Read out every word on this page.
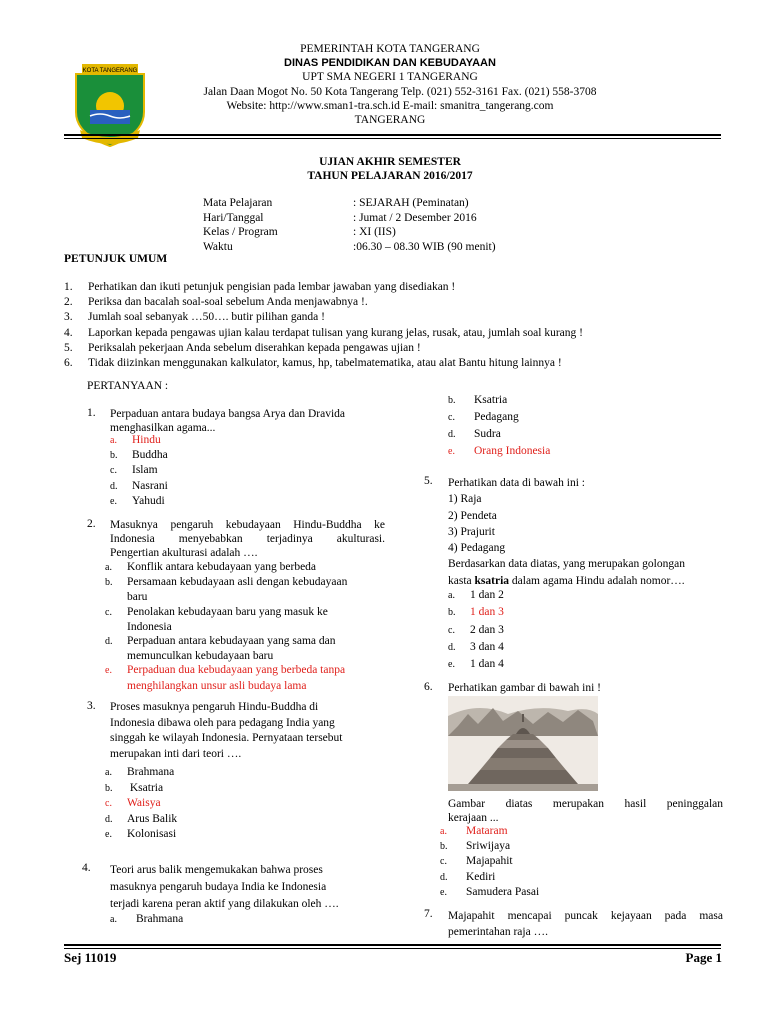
KOTA TANGERANG
PEMERINTAH KOTA TANGERANG
DINAS PENDIDIKAN DAN KEBUDAYAAN
UPT SMA NEGERI 1 TANGERANG
Jalan Daan Mogot No. 50 Kota Tangerang Telp. (021) 552-3161 Fax. (021) 558-3708
Website: http://www.sman1-tra.sch.id E-mail: smanitra_tangerang.com
TANGERANG
UJIAN AKHIR SEMESTER
TAHUN PELAJARAN 2016/2017
Mata Pelajaran	: SEJARAH (Peminatan)
Hari/Tanggal	: Jumat / 2 Desember 2016
Kelas / Program	: XI (IIS)
Waktu	:06.30 – 08.30 WIB (90 menit)
PETUNJUK UMUM
1. Perhatikan dan ikuti petunjuk pengisian pada lembar jawaban yang disediakan !
2. Periksa dan bacalah soal-soal sebelum Anda menjawabnya !.
3. Jumlah soal sebanyak …50…. butir pilihan ganda !
4. Laporkan kepada pengawas ujian kalau terdapat tulisan yang kurang jelas, rusak, atau, jumlah soal kurang !
5. Periksalah pekerjaan Anda sebelum diserahkan kepada pengawas ujian !
6. Tidak diizinkan menggunakan kalkulator, kamus, hp, tabelmatematika, atau alat Bantu hitung lainnya !
PERTANYAAN :
1. Perpaduan antara budaya bangsa Arya dan Dravida
menghasilkan agama...
a. Hindu
b. Buddha
c. Islam
d. Nasrani
e. Yahudi
2. Masuknya pengaruh kebudayaan Hindu-Buddha ke
Indonesia menyebabkan terjadinya akulturasi.
Pengertian akulturasi adalah ….
a. Konflik antara kebudayaan yang berbeda
b. Persamaan kebudayaan asli dengan kebudayaan
baru
c. Penolakan kebudayaan baru yang masuk ke
Indonesia
d. Perpaduan antara kebudayaan yang sama dan
memunculkan kebudayaan baru
e. Perpaduan dua kebudayaan yang berbeda tanpa
menghilangkan unsur asli budaya lama
3. Proses masuknya pengaruh Hindu-Buddha di
Indonesia dibawa oleh para pedagang India yang
singgah ke wilayah Indonesia. Pernyataan tersebut
merupakan inti dari teori ….
a. Brahmana
b. Ksatria
c. Waisya
d. Arus Balik
e. Kolonisasi
4. Teori arus balik mengemukakan bahwa proses
masuknya pengaruh budaya India ke Indonesia
terjadi karena peran aktif yang dilakukan oleh ….
a. Brahmana
b. Ksatria
c. Pedagang
d. Sudra
e. Orang Indonesia
5. Perhatikan data di bawah ini :
1) Raja
2) Pendeta
3) Prajurit
4) Pedagang
Berdasarkan data diatas, yang merupakan golongan
kasta ksatria dalam agama Hindu adalah nomor….
a. 1 dan 2
b. 1 dan 3
c. 2 dan 3
d. 3 dan 4
e. 1 dan 4
6. Perhatikan gambar di bawah ini !
Gambar diatas merupakan hasil peninggalan
kerajaan ...
a. Mataram
b. Sriwijaya
c. Majapahit
d. Kediri
e. Samudera Pasai
7. Majapahit mencapai puncak kejayaan pada masa
pemerintahan raja ….
Sej 11019	Page 1
